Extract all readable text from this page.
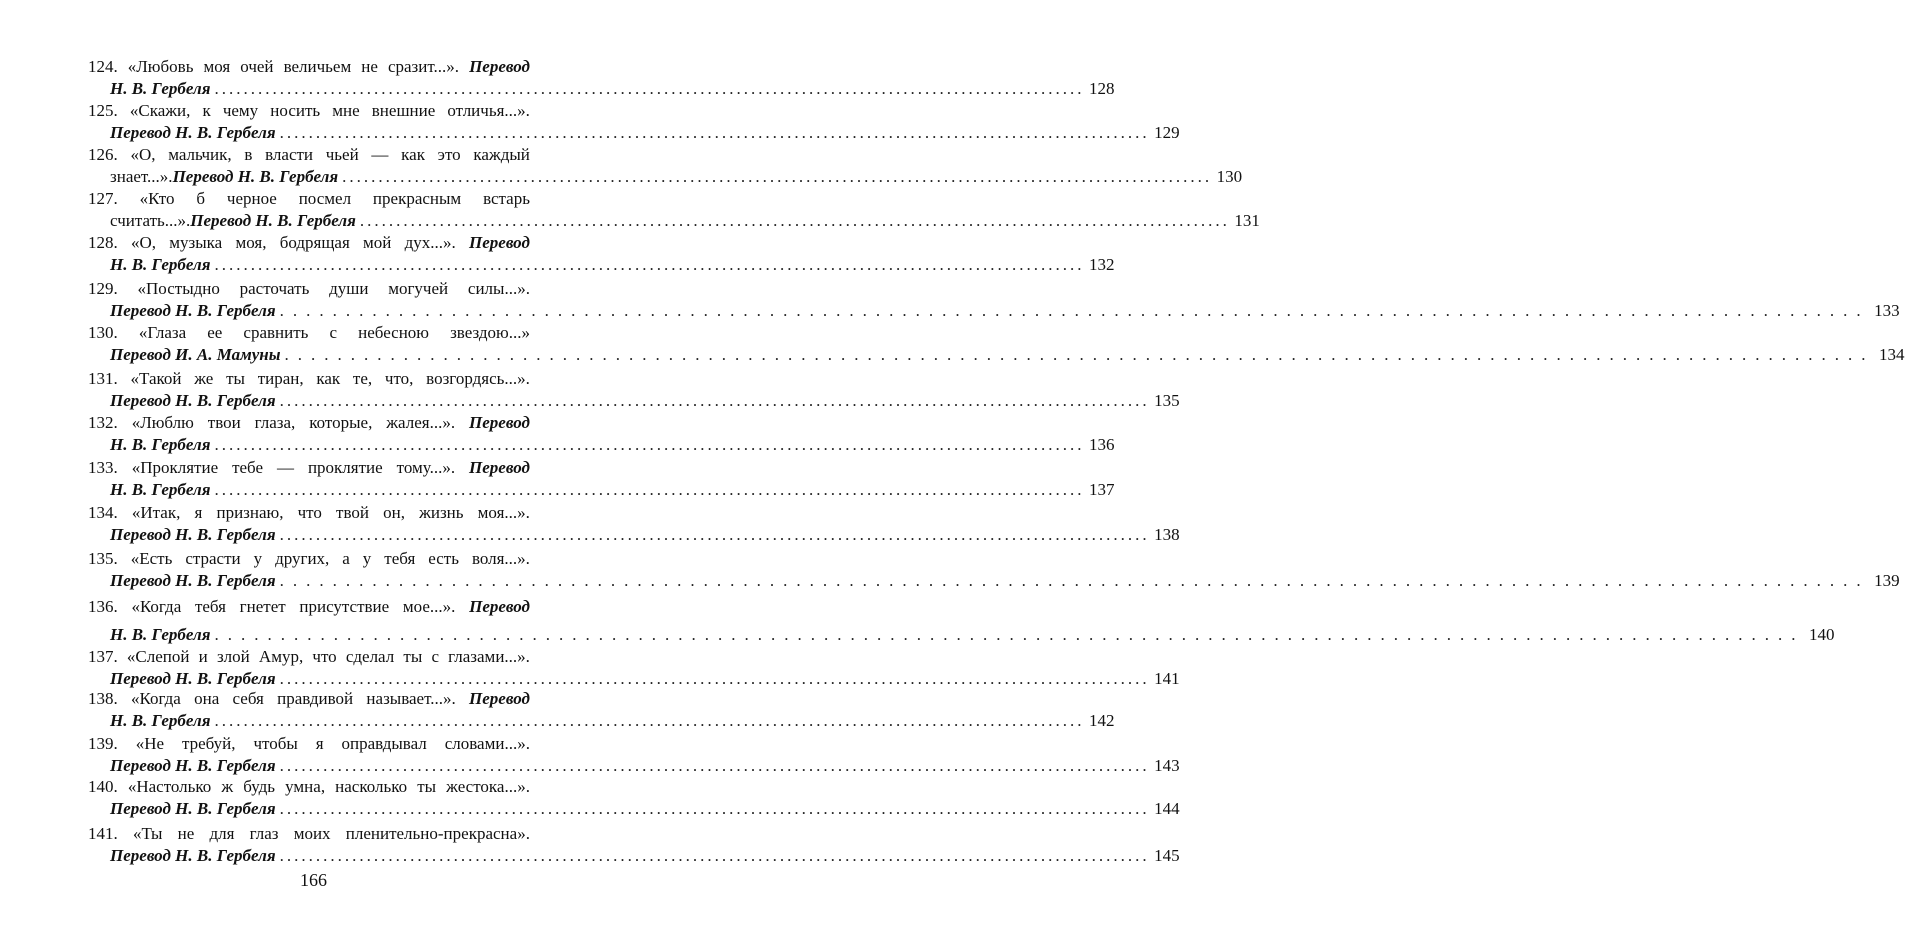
124. «Любовь моя очей величьем не сразит...». Перевод
Н. В. Гербеля ........................................................................................................................ 128
125. «Скажи, к чему носить мне внешние отличья...».
Перевод Н. В. Гербеля ........................................................................................................................ 129
126. «О, мальчик, в власти чьей — как это каждый
знает...». Перевод Н. В. Гербеля ........................................................................................................................ 130
127. «Кто б черное посмел прекрасным встарь
считать...». Перевод Н. В. Гербеля ........................................................................................................................ 131
128. «О, музыка моя, бодрящая мой дух...». Перевод
Н. В. Гербеля ........................................................................................................................ 132
129. «Постыдно расточать души могучей силы...».
Перевод Н. В. Гербеля ........................................................................................................................ 133
130. «Глаза ее сравнить с небесною звездою...»
Перевод И. А. Мамуны ........................................................................................................................ 134
131. «Такой же ты тиран, как те, что, возгордясь...».
Перевод Н. В. Гербеля ........................................................................................................................ 135
132. «Люблю твои глаза, которые, жалея...». Перевод
Н. В. Гербеля ........................................................................................................................ 136
133. «Проклятие тебе — проклятие тому...». Перевод
Н. В. Гербеля ........................................................................................................................ 137
134. «Итак, я признаю, что твой он, жизнь моя...».
Перевод Н. В. Гербеля ........................................................................................................................ 138
135. «Есть страсти у других, а у тебя есть воля...».
Перевод Н. В. Гербеля ........................................................................................................................ 139
136. «Когда тебя гнетет присутствие мое...». Перевод
Н. В. Гербеля ........................................................................................................................ 140
137. «Слепой и злой Амур, что сделал ты с глазами...».
Перевод Н. В. Гербеля ........................................................................................................................ 141
138. «Когда она себя правдивой называет...». Перевод
Н. В. Гербеля ........................................................................................................................ 142
139. «Не требуй, чтобы я оправдывал словами...».
Перевод Н. В. Гербеля ........................................................................................................................ 143
140. «Настолько ж будь умна, насколько ты жестока...».
Перевод Н. В. Гербеля ........................................................................................................................ 144
141. «Ты не для глаз моих пленительно-прекрасна».
Перевод Н. В. Гербеля ........................................................................................................................ 145
166
